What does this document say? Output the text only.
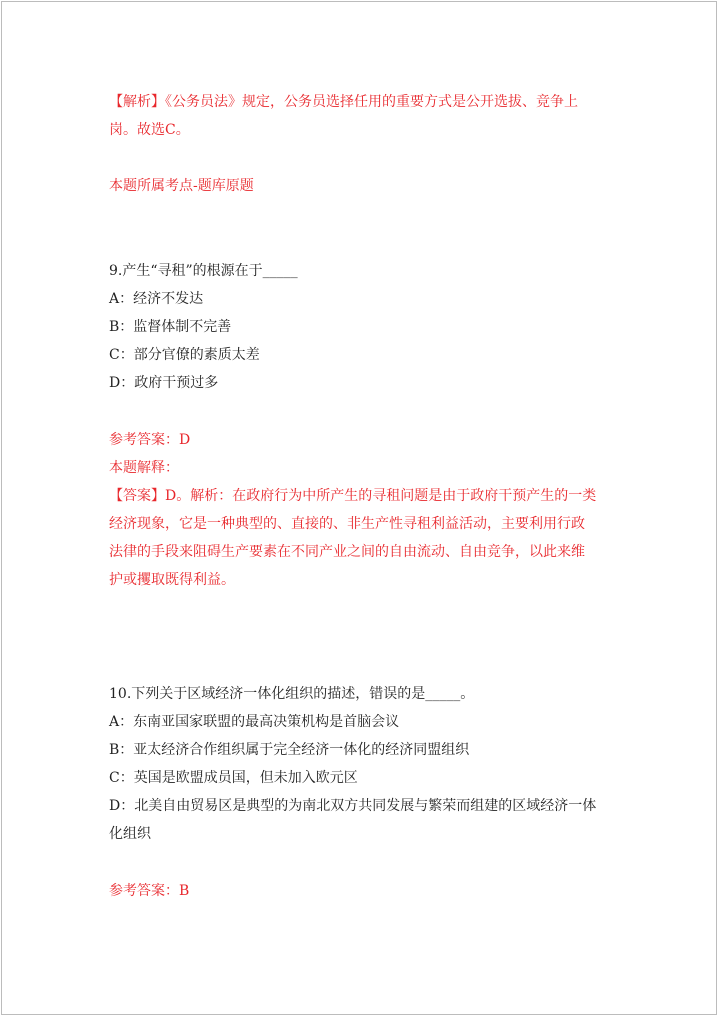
【解析】《公务员法》规定，公务员选择任用的重要方式是公开选拔、竞争上
岗。故选C。
本题所属考点-题库原题
9.产生“寻租”的根源在于_____
A：经济不发达
B：监督体制不完善
C：部分官僚的素质太差
D：政府干预过多
参考答案：D
本题解释：
【答案】D。解析：在政府行为中所产生的寻租问题是由于政府干预产生的一类
经济现象，它是一种典型的、直接的、非生产性寻租利益活动，主要利用行政
法律的手段来阻碍生产要素在不同产业之间的自由流动、自由竞争，以此来维
护或攫取既得利益。
10.下列关于区域经济一体化组织的描述，错误的是_____。
A：东南亚国家联盟的最高决策机构是首脑会议
B：亚太经济合作组织属于完全经济一体化的经济同盟组织
C：英国是欧盟成员国，但未加入欧元区
D：北美自由贸易区是典型的为南北双方共同发展与繁荣而组建的区域经济一体
化组织
参考答案：B
